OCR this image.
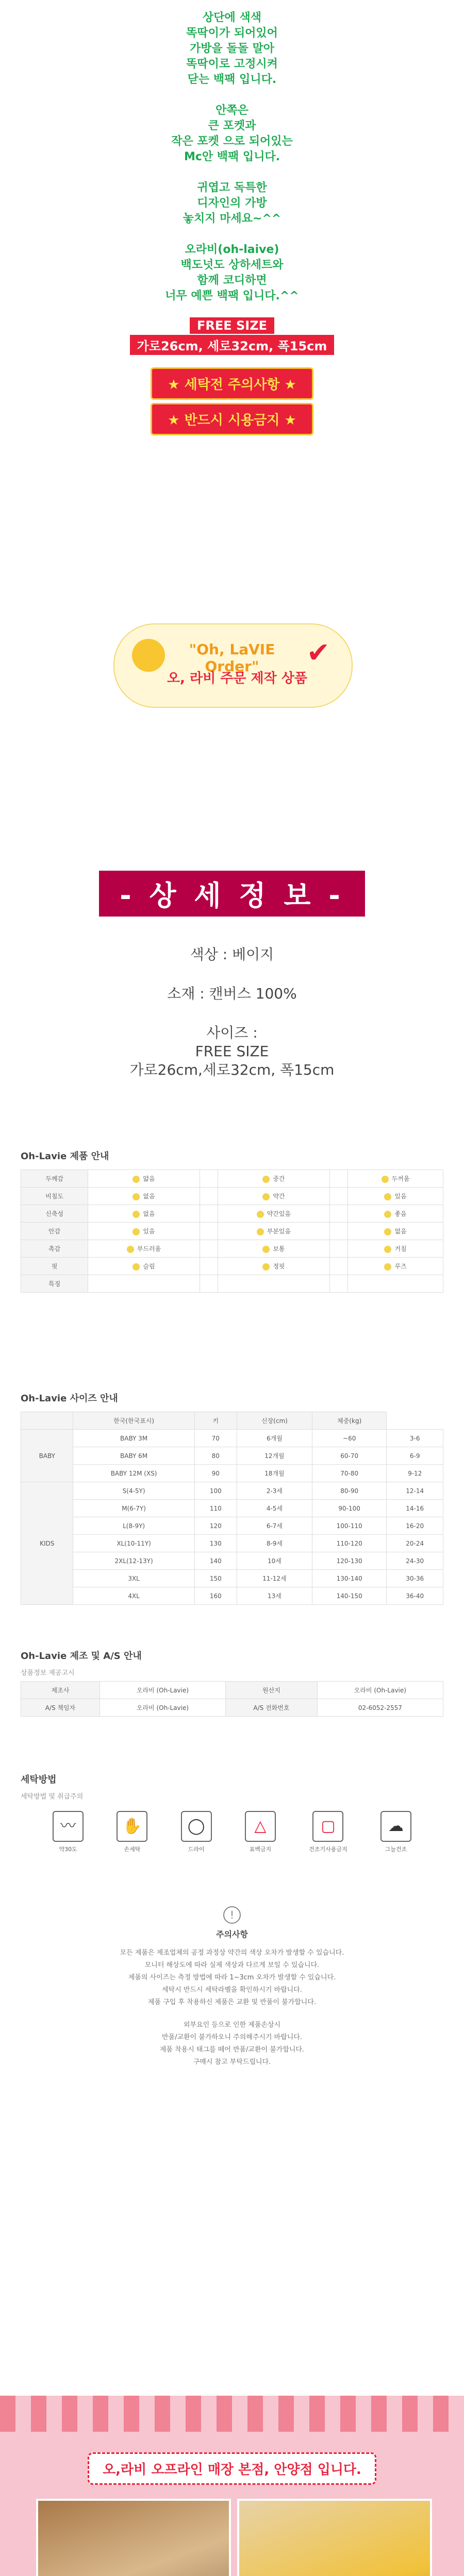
상단에 색색
똑딱이가 되어있어
가방을 돌돌 말아
똑딱이로 고정시켜
닫는 백팩 입니다.
안쪽은
큰 포켓과
작은 포켓 으로 되어있는
Mc안 백팩 입니다.
귀엽고 독특한
디자인의 가방
놓치지 마세요~^^
오라비(oh-laive)
백도넛도 상하세트와
함께 코디하면
너무 예쁜 백팩 입니다.^^
FREE SIZE
가로26cm, 세로32cm, 폭15cm
★ 세탁전 주의사항 ★
★ 반드시 시용금지 ★
✔
"Oh, LaVIE Order"
오, 라비 주문 제작 상품
- 상 세 정 보 -
색상 : 베이지
소재 : 캔버스 100%
사이즈 :
FREE SIZE
가로26cm,세로32cm, 폭15cm
Oh-Lavie 제품 안내
두께감	얇음		중간		두꺼움
비침도	없음		약간		있음
신축성	없음		약간있음		좋음
안감	있음		부분있음		없음
촉감	부드러움		보통		거침
핏	슬림		정핏		루즈
특징					
Oh-Lavie 사이즈 안내
	한국(한국표시)	키	신장(cm)	체중(kg)	
BABY	BABY 3M	70	6개월	~60	3-6
	BABY 6M	80	12개월	60-70	6-9
	BABY 12M (XS)	90	18개월	70-80	9-12
KIDS	S(4-5Y)	100	2-3세	80-90	12-14
	M(6-7Y)	110	4-5세	90-100	14-16
	L(8-9Y)	120	6-7세	100-110	16-20
	XL(10-11Y)	130	8-9세	110-120	20-24
	2XL(12-13Y)	140	10세	120-130	24-30
	3XL	150	11-12세	130-140	30-36
	4XL	160	13세	140-150	36-40
Oh-Lavie 제조 및 A/S 안내
상품정보 제공고시
제조사	오라비 (Oh-Lavie)	원산지	오라비 (Oh-Lavie)
A/S 책임자	오라비 (Oh-Lavie)	A/S 전화번호	02-6052-2557
세탁방법
세탁방법 및 취급주의
〰
약30도
✋
손세탁
◯
드라이
△
표백금지
▢
건조기사용금지
☁
그늘건조
!
주의사항
모든 제품은 제조업체의 공정 과정상 약간의 색상 오차가 발생할 수 있습니다.
모니터 해상도에 따라 실제 색상과 다르게 보일 수 있습니다.
제품의 사이즈는 측정 방법에 따라 1~3cm 오차가 발생할 수 있습니다.
세탁시 반드시 세탁라벨을 확인하시기 바랍니다.
제품 구입 후 착용하신 제품은 교환 및 반품이 불가합니다.
외부요인 등으로 인한 제품손상시
반품/교환이 불가하오니 주의해주시기 바랍니다.
제품 착용시 태그를 떼어 반품/교환이 불가합니다.
구매시 참고 부탁드립니다.
오,라비 오프라인 매장 본점, 안양점 입니다.
